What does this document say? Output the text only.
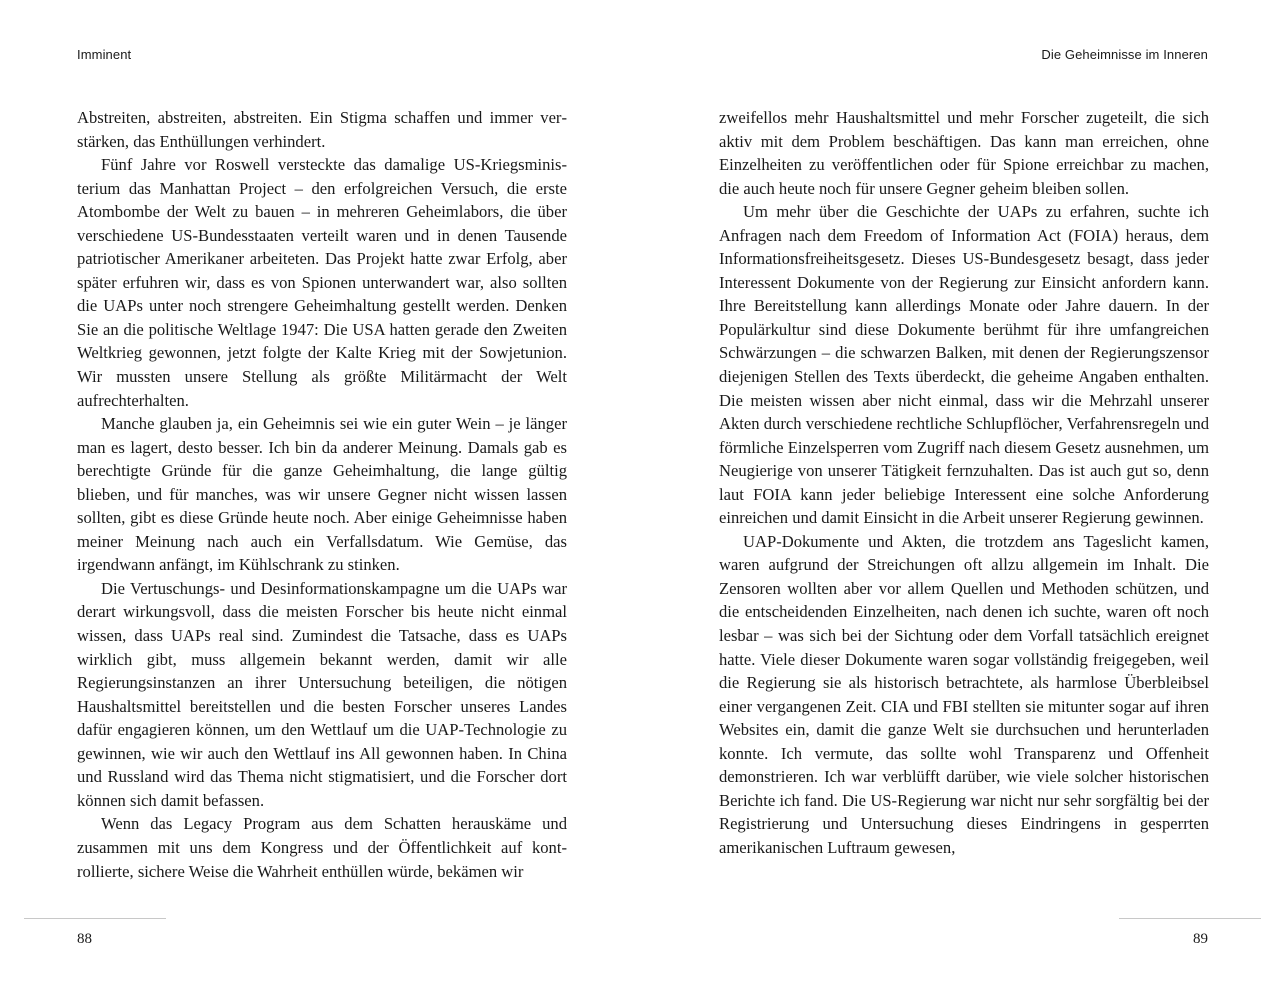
Imminent

Abstreiten, abstreiten, abstreiten. Ein Stigma schaffen und immer verstärken, das Enthüllungen verhindert.

Fünf Jahre vor Roswell versteckte das damalige US-Kriegsministerium das Manhattan Project – den erfolgreichen Versuch, die erste Atombombe der Welt zu bauen – in mehreren Geheimlabors, die über verschiedene US-Bundesstaaten verteilt waren und in denen Tausende patriotischer Amerikaner arbeiteten. Das Projekt hatte zwar Erfolg, aber später erfuhren wir, dass es von Spionen unterwandert war, also sollten die UAPs unter noch strengere Geheimhaltung gestellt werden. Denken Sie an die politische Weltlage 1947: Die USA hatten gerade den Zweiten Weltkrieg gewonnen, jetzt folgte der Kalte Krieg mit der Sowjetunion. Wir mussten unsere Stellung als größte Militärmacht der Welt aufrechterhalten.

Manche glauben ja, ein Geheimnis sei wie ein guter Wein – je länger man es lagert, desto besser. Ich bin da anderer Meinung. Damals gab es berechtigte Gründe für die ganze Geheimhaltung, die lange gültig blieben, und für manches, was wir unsere Gegner nicht wissen lassen sollten, gibt es diese Gründe heute noch. Aber einige Geheimnisse haben meiner Meinung nach auch ein Verfallsdatum. Wie Gemüse, das irgendwann anfängt, im Kühlschrank zu stinken.

Die Vertuschungs- und Desinformationskampagne um die UAPs war derart wirkungsvoll, dass die meisten Forscher bis heute nicht einmal wissen, dass UAPs real sind. Zumindest die Tatsache, dass es UAPs wirklich gibt, muss allgemein bekannt werden, damit wir alle Regierungsinstanzen an ihrer Untersuchung beteiligen, die nötigen Haushaltsmittel bereitstellen und die besten Forscher unseres Landes dafür engagieren können, um den Wettlauf um die UAP-Technologie zu gewinnen, wie wir auch den Wettlauf ins All gewonnen haben. In China und Russland wird das Thema nicht stigmatisiert, und die Forscher dort können sich damit befassen.

Wenn das Legacy Program aus dem Schatten herauskäme und zusammen mit uns dem Kongress und der Öffentlichkeit auf kontrollierte, sichere Weise die Wahrheit enthüllen würde, bekämen wir

88
Die Geheimnisse im Inneren

zweifellos mehr Haushaltsmittel und mehr Forscher zugeteilt, die sich aktiv mit dem Problem beschäftigen. Das kann man erreichen, ohne Einzelheiten zu veröffentlichen oder für Spione erreichbar zu machen, die auch heute noch für unsere Gegner geheim bleiben sollen.

Um mehr über die Geschichte der UAPs zu erfahren, suchte ich Anfragen nach dem Freedom of Information Act (FOIA) heraus, dem Informationsfreiheitsgesetz. Dieses US-Bundesgesetz besagt, dass jeder Interessent Dokumente von der Regierung zur Einsicht anfordern kann. Ihre Bereitstellung kann allerdings Monate oder Jahre dauern. In der Populärkultur sind diese Dokumente berühmt für ihre umfangreichen Schwärzungen – die schwarzen Balken, mit denen der Regierungszensor diejenigen Stellen des Texts überdeckt, die geheime Angaben enthalten. Die meisten wissen aber nicht einmal, dass wir die Mehrzahl unserer Akten durch verschiedene rechtliche Schlupflöcher, Verfahrensregeln und förmliche Einzelsperren vom Zugriff nach diesem Gesetz ausnehmen, um Neugierige von unserer Tätigkeit fernzuhalten. Das ist auch gut so, denn laut FOIA kann jeder beliebige Interessent eine solche Anforderung einreichen und damit Einsicht in die Arbeit unserer Regierung gewinnen.

UAP-Dokumente und Akten, die trotzdem ans Tageslicht kamen, waren aufgrund der Streichungen oft allzu allgemein im Inhalt. Die Zensoren wollten aber vor allem Quellen und Methoden schützen, und die entscheidenden Einzelheiten, nach denen ich suchte, waren oft noch lesbar – was sich bei der Sichtung oder dem Vorfall tatsächlich ereignet hatte. Viele dieser Dokumente waren sogar vollständig freigegeben, weil die Regierung sie als historisch betrachtete, als harmlose Überbleibsel einer vergangenen Zeit. CIA und FBI stellten sie mitunter sogar auf ihren Websites ein, damit die ganze Welt sie durchsuchen und herunterladen konnte. Ich vermute, das sollte wohl Transparenz und Offenheit demonstrieren. Ich war verblüfft darüber, wie viele solcher historischen Berichte ich fand. Die US-Regierung war nicht nur sehr sorgfältig bei der Registrierung und Untersuchung dieses Eindringens in gesperrten amerikanischen Luftraum gewesen,

89
